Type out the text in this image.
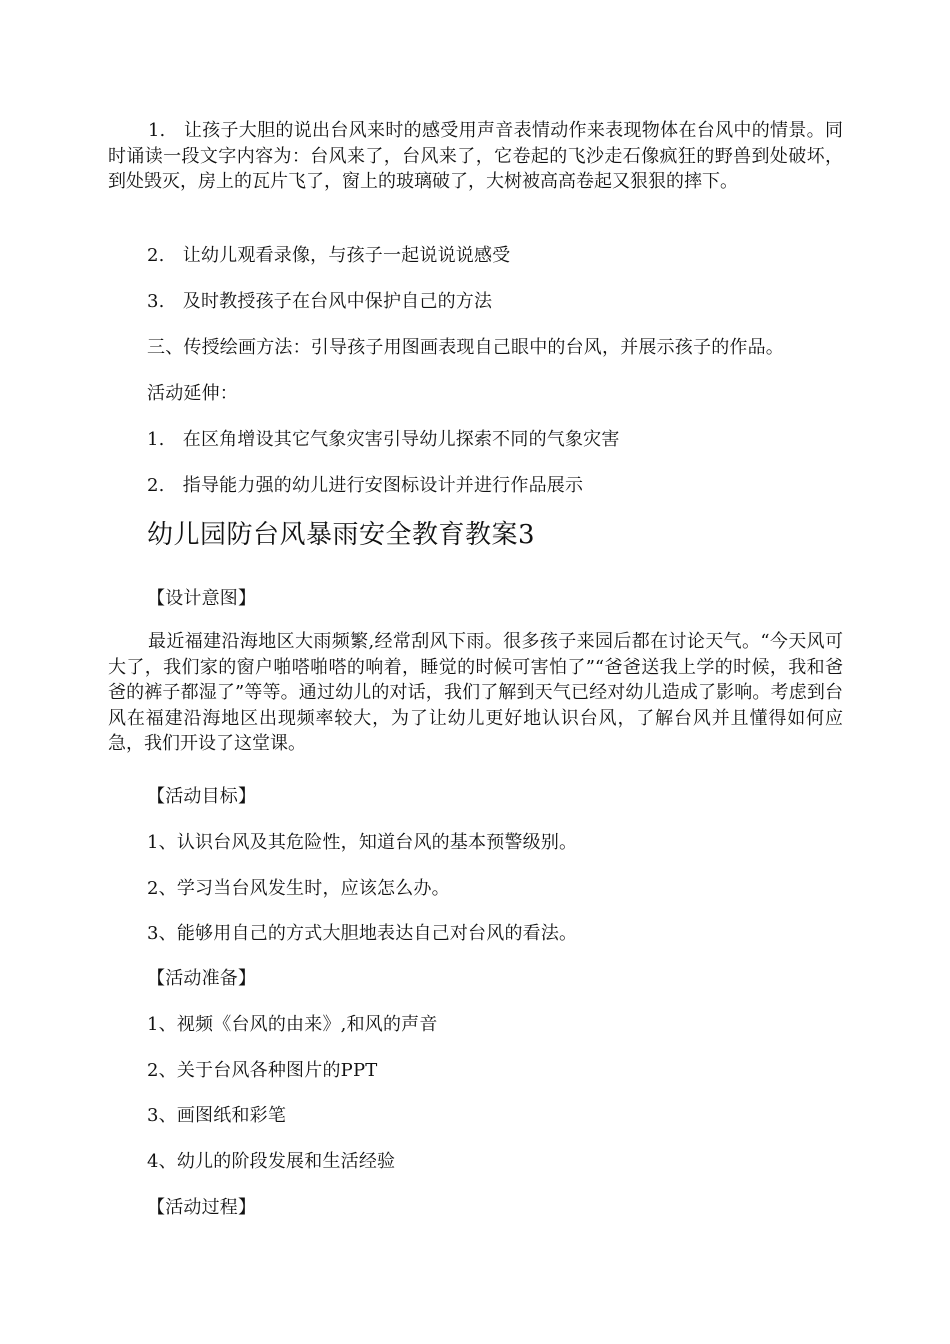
1.　让孩子大胆的说出台风来时的感受用声音表情动作来表现物体在台风中的情景。同时诵读一段文字内容为：台风来了，台风来了，它卷起的飞沙走石像疯狂的野兽到处破坏，到处毁灭，房上的瓦片飞了，窗上的玻璃破了，大树被高高卷起又狠狠的摔下。
2.　让幼儿观看录像，与孩子一起说说说感受
3.　及时教授孩子在台风中保护自己的方法
三、传授绘画方法：引导孩子用图画表现自己眼中的台风，并展示孩子的作品。
活动延伸：
1.　在区角增设其它气象灾害引导幼儿探索不同的气象灾害
2.　指导能力强的幼儿进行安图标设计并进行作品展示
幼儿园防台风暴雨安全教育教案3
【设计意图】
最近福建沿海地区大雨频繁,经常刮风下雨。很多孩子来园后都在讨论天气。“今天风可大了，我们家的窗户啪嗒啪嗒的响着，睡觉的时候可害怕了”“爸爸送我上学的时候，我和爸爸的裤子都湿了”等等。通过幼儿的对话，我们了解到天气已经对幼儿造成了影响。考虑到台风在福建沿海地区出现频率较大，为了让幼儿更好地认识台风，了解台风并且懂得如何应急，我们开设了这堂课。
【活动目标】
1、认识台风及其危险性，知道台风的基本预警级别。
2、学习当台风发生时，应该怎么办。
3、能够用自己的方式大胆地表达自己对台风的看法。
【活动准备】
1、视频《台风的由来》,和风的声音
2、关于台风各种图片的PPT
3、画图纸和彩笔
4、幼儿的阶段发展和生活经验
【活动过程】
